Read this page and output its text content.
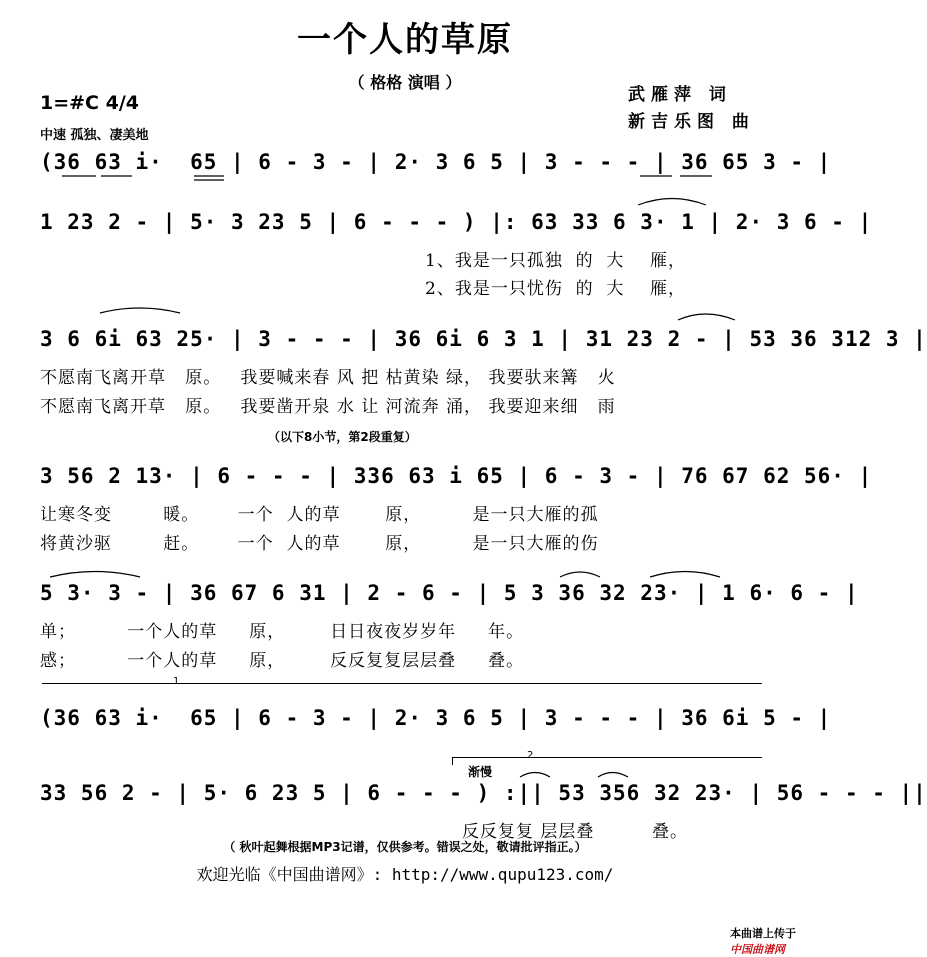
一个人的草原
（ 格格 演唱 ）
武雁萍 词
新吉乐图 曲
1=#C 4/4
中速 孤独、凄美地
(36 63 i·  65 | 6 - 3 - | 2· 3 6 5 | 3 - - - | 36 65 3 - |
1 23 2 - | 5· 3 23 5 | 6 - - - ) |: 63 33 6 3· 1 | 2· 3 6 - |
1、我是一只孤独  的  大    雁，
2、我是一只忧伤  的  大    雁，
3 6 6i 63 25· | 3 - - - | 36 6i 6 3 1 | 31 23 2 - | 53 36 312 3 |
不愿南飞离开草   原。   我要喊来春 风 把 枯黄染 绿， 我要驮来篝   火
不愿南飞离开草   原。   我要凿开泉 水 让 河流奔 涌， 我要迎来细   雨
（以下8小节，第2段重复）
3 56 2 13· | 6 - - - | 336 63 i 65 | 6 - 3 - | 76 67 62 56· |
让寒冬变        暖。      一个  人的草       原，        是一只大雁的孤
将黄沙驱        赶。      一个  人的草       原，        是一只大雁的伤
5 3· 3 - | 36 67 6 31 | 2 - 6 - | 5 3 36 32 23· | 1 6· 6 - |
单；        一个人的草     原，       日日夜夜岁岁年     年。
感；        一个人的草     原，       反反复复层层叠     叠。
1
(36 63 i·  65 | 6 - 3 - | 2· 3 6 5 | 3 - - - | 36 6i 5 - |
2
渐慢
33 56 2 - | 5· 6 23 5 | 6 - - - ) :|| 53 356 32 23· | 56 - - - ||
反反复复 层层叠         叠。
（ 秋叶起舞根据MP3记谱，仅供参考。错误之处，敬请批评指正。）
欢迎光临《中国曲谱网》: http://www.qupu123.com/

本曲谱上传于
中国曲谱网
